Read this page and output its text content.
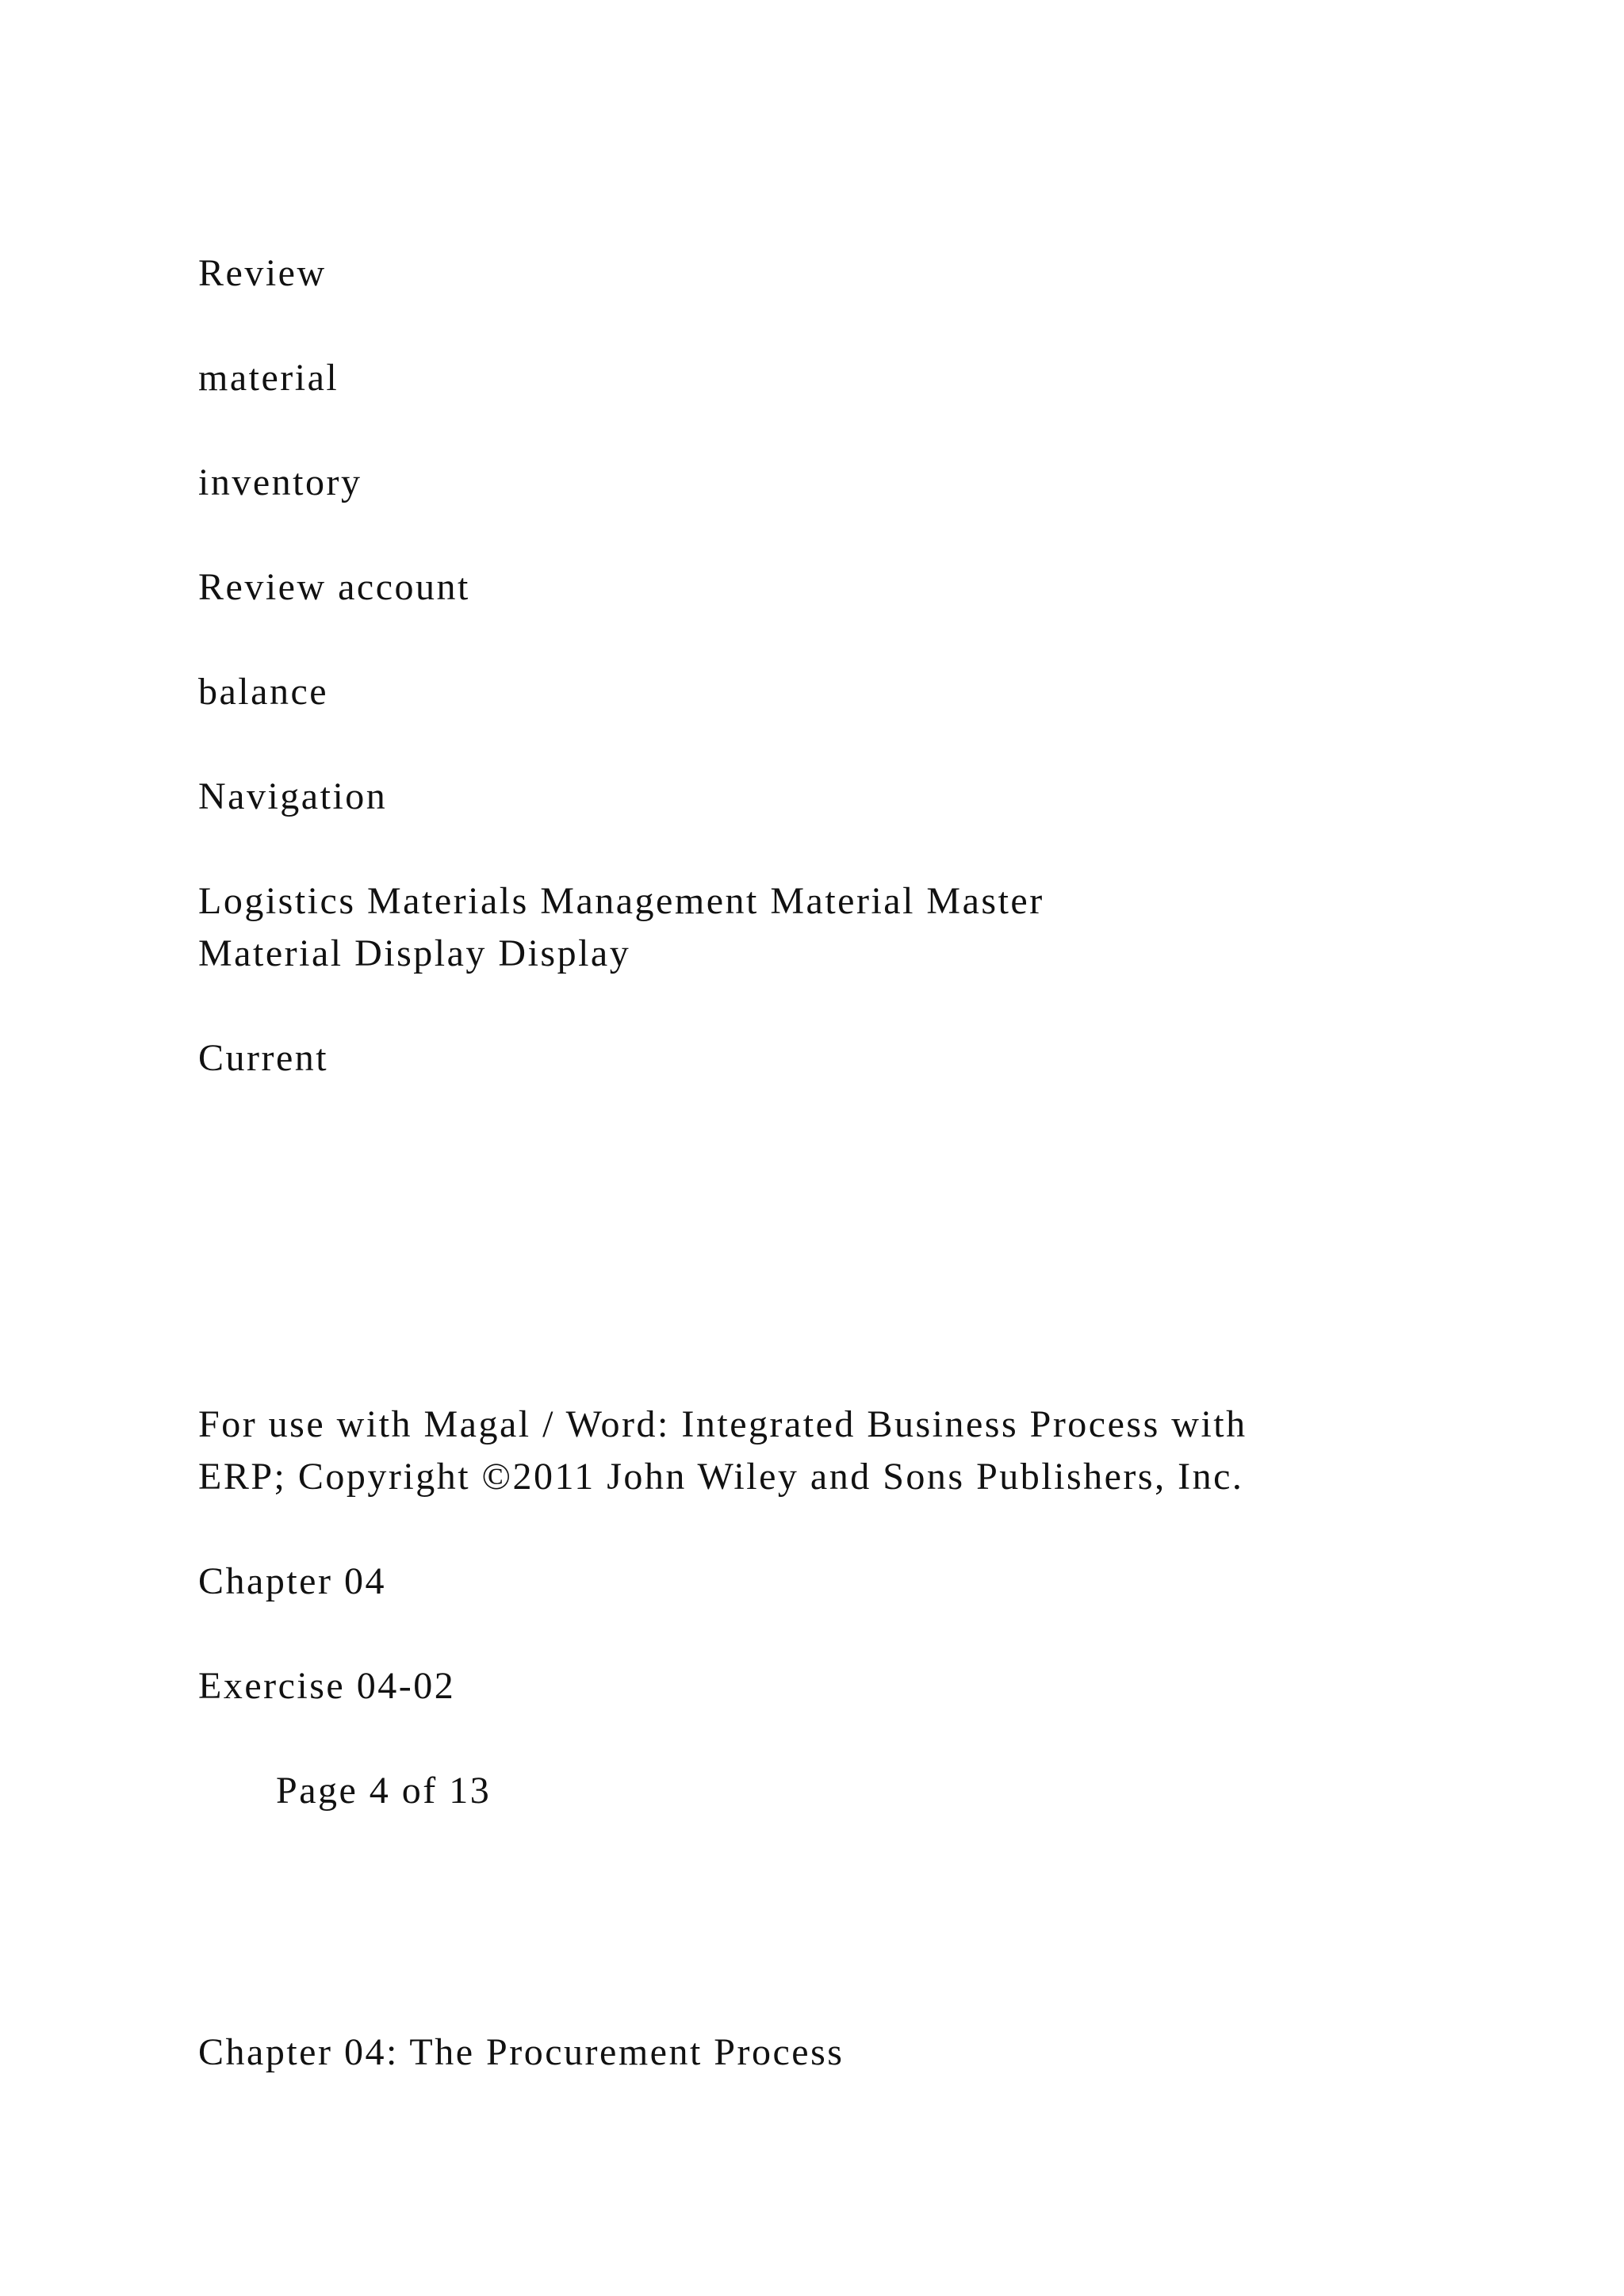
Review

material

inventory

Review account

balance

Navigation

Logistics Materials Management Material Master

Material Display Display

Current

For use with Magal / Word: Integrated Business Process with

ERP; Copyright ©2011 John Wiley and Sons Publishers, Inc.

Chapter 04

Exercise 04-02

Page 4 of 13

Chapter 04: The Procurement Process
